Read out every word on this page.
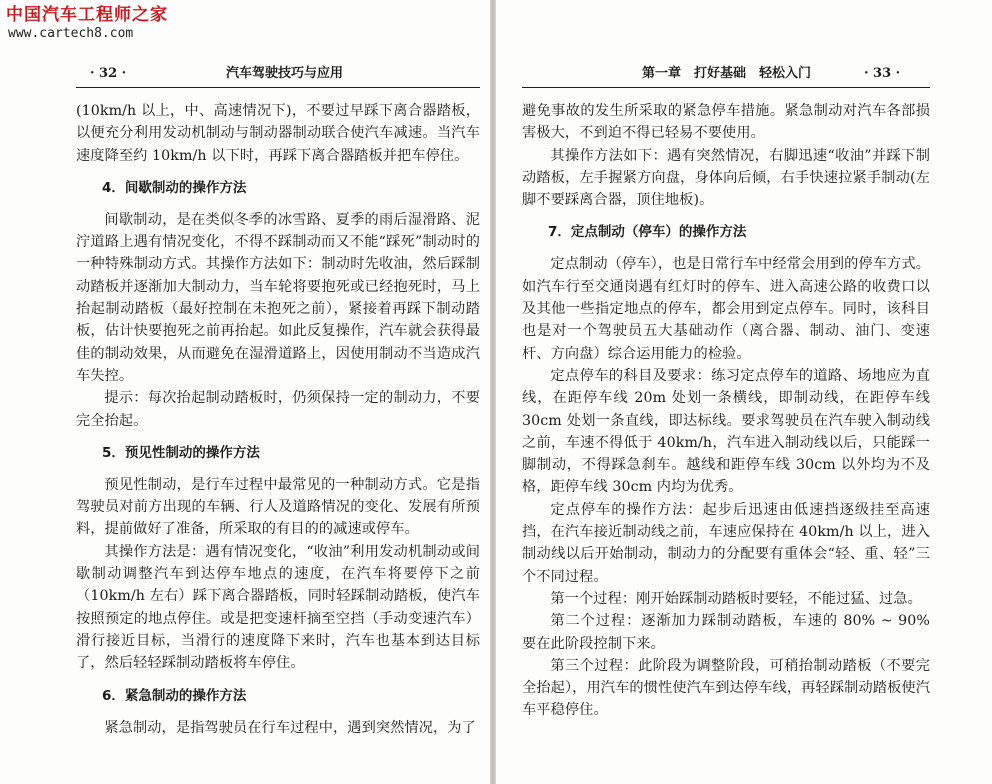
中国汽车工程师之家
www.cartech8.com
· 32 ·	汽车驾驶技巧与应用

(10km/h 以上，中、高速情况下)，不要过早踩下离合器踏板，以便充分利用发动机制动与制动器制动联合使汽车减速。当汽车速度降至约 10km/h 以下时，再踩下离合器踏板并把车停住。

4．间歇制动的操作方法

间歇制动，是在类似冬季的冰雪路、夏季的雨后湿滑路、泥泞道路上遇有情况变化，不得不踩制动而又不能“踩死”制动时的一种特殊制动方式。其操作方法如下：制动时先收油，然后踩制动踏板并逐渐加大制动力，当车轮将要抱死或已经抱死时，马上抬起制动踏板（最好控制在未抱死之前），紧接着再踩下制动踏板，估计快要抱死之前再抬起。如此反复操作，汽车就会获得最佳的制动效果，从而避免在湿滑道路上，因使用制动不当造成汽车失控。

提示：每次抬起制动踏板时，仍须保持一定的制动力，不要完全抬起。

5．预见性制动的操作方法

预见性制动，是行车过程中最常见的一种制动方式。它是指驾驶员对前方出现的车辆、行人及道路情况的变化、发展有所预料，提前做好了准备，所采取的有目的的减速或停车。

其操作方法是：遇有情况变化，“收油”利用发动机制动或间歇制动调整汽车到达停车地点的速度，在汽车将要停下之前（10km/h 左右）踩下离合器踏板，同时轻踩制动踏板，使汽车按照预定的地点停住。或是把变速杆摘至空挡（手动变速汽车）滑行接近目标，当滑行的速度降下来时，汽车也基本到达目标了，然后轻轻踩制动踏板将车停住。

6．紧急制动的操作方法

紧急制动，是指驾驶员在行车过程中，遇到突然情况，为了

第一章　打好基础　轻松入门	· 33 ·

避免事故的发生所采取的紧急停车措施。紧急制动对汽车各部损害极大，不到迫不得已轻易不要使用。

其操作方法如下：遇有突然情况，右脚迅速“收油”并踩下制动踏板，左手握紧方向盘，身体向后倾，右手快速拉紧手制动(左脚不要踩离合器，顶住地板)。

7．定点制动（停车）的操作方法

定点制动（停车），也是日常行车中经常会用到的停车方式。如汽车行至交通岗遇有红灯时的停车、进入高速公路的收费口以及其他一些指定地点的停车，都会用到定点停车。同时，该科目也是对一个驾驶员五大基础动作（离合器、制动、油门、变速杆、方向盘）综合运用能力的检验。

定点停车的科目及要求：练习定点停车的道路、场地应为直线，在距停车线 20m 处划一条横线，即制动线，在距停车线 30cm 处划一条直线，即达标线。要求驾驶员在汽车驶入制动线之前，车速不得低于 40km/h，汽车进入制动线以后，只能踩一脚制动，不得踩急刹车。越线和距停车线 30cm 以外均为不及格，距停车线 30cm 内均为优秀。

定点停车的操作方法：起步后迅速由低速挡逐级挂至高速挡，在汽车接近制动线之前，车速应保持在 40km/h 以上，进入制动线以后开始制动，制动力的分配要有重体会“轻、重、轻”三个不同过程。

第一个过程：刚开始踩制动踏板时要轻，不能过猛、过急。

第二个过程：逐渐加力踩制动踏板，车速的 80% ~ 90% 要在此阶段控制下来。

第三个过程：此阶段为调整阶段，可稍抬制动踏板（不要完全抬起），用汽车的惯性使汽车到达停车线，再轻踩制动踏板使汽车平稳停住。
